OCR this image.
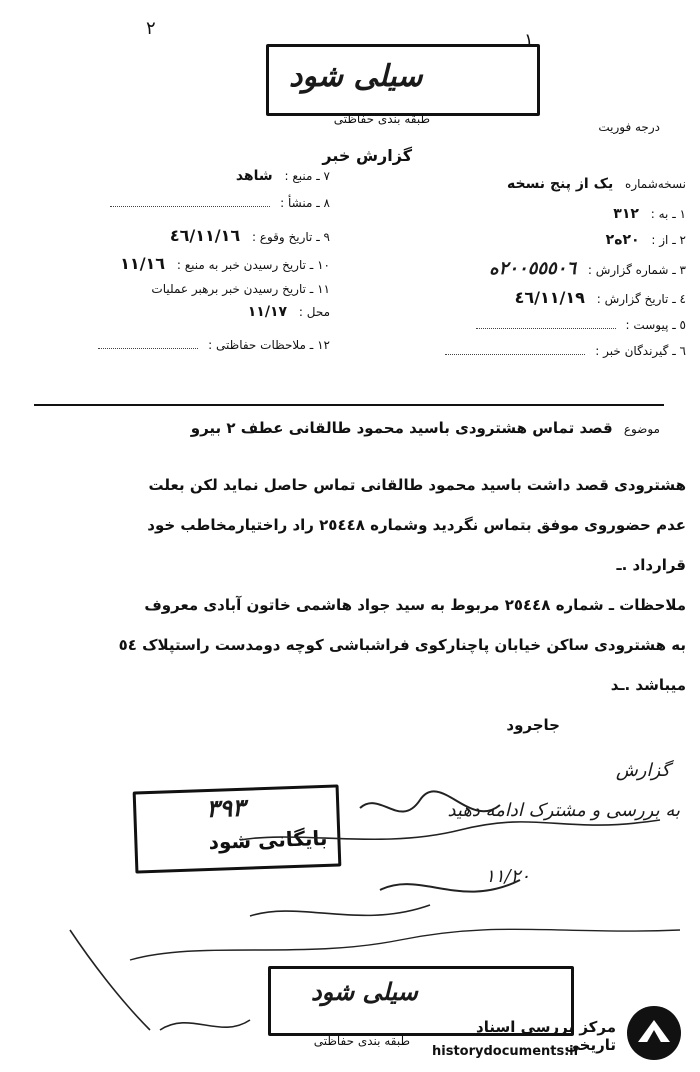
سیلی شود
طبقه بندی حفاظتی
٢
١
درجه فوریت
گزارش خبر
نسخه‌شماره یک از پنج نسخه
١ ـ به : ٣١٢
٢ ـ از : ٢٠ه٢
٣ ـ شماره گزارش : ٢٠٠٥٥٥٠٦ه
٤ ـ تاریخ گزارش : ٤٦/١١/١٩
٥ ـ پیوست :
٦ ـ گیرندگان خبر :
٧ ـ منبع : شاهد
٨ ـ منشأ :
٩ ـ تاریخ وقوع : ٤٦/١١/١٦
١٠ ـ تاریخ رسیدن خبر به منبع : ١١/١٦
١١ ـ تاریخ رسیدن خبر برهبر عملیات
محل : ١١/١٧
١٢ ـ ملاحظات حفاظتی :
موضوع قصد تماس هشترودی باسید محمود طالقانی عطف ٢ بیرو
هشترودی قصد داشت باسید محمود طالقانی تماس حاصل نماید لکن بعلت
عدم حضوروی موفق بتماس نگردید وشماره ٢٥٤٤٨ راد راختیارمخاطب خود
قرارداد .ـ
ملاحظات ـ شماره ٢٥٤٤٨ مربوط به سید جواد هاشمی خاتون آبادی معروف
به هشترودی ساکن خیابان پاچنارکوی فراشباشی کوچه دومدست راستپلاک ٥٤
میباشد .ـد
جاجرود
گزارش
به بررسی و مشترک ادامه دهید
١١/٢٠
٣٩٣
بایگانی شود
سیلی شود
طبقه بندی حفاظتی
مرکز بررسی اسناد تاریخی
historydocuments.ir
